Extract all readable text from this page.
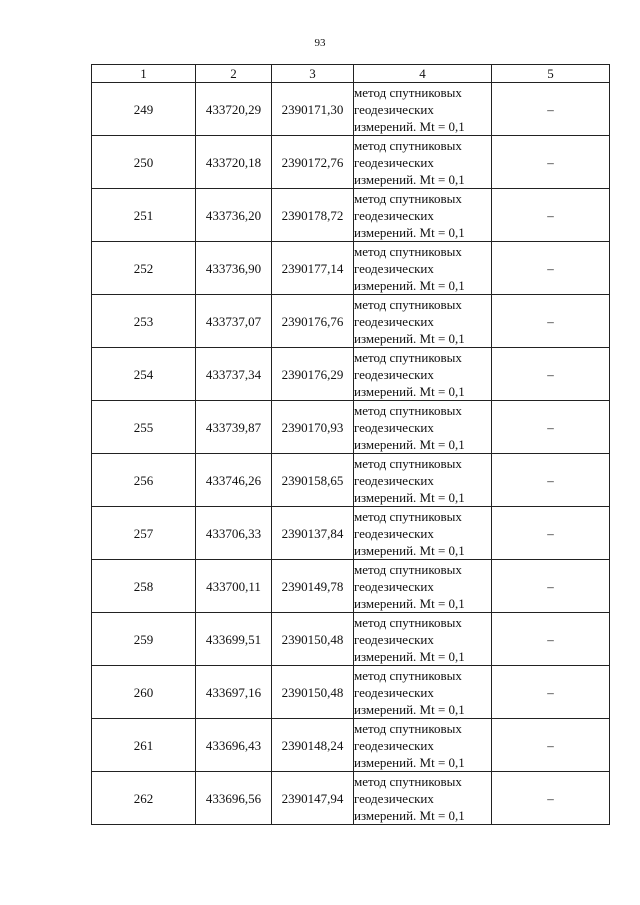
93
1	2	3	4	5
249	433720,29	2390171,30	метод спутниковых геодезических измерений. Mt = 0,1	–
250	433720,18	2390172,76	метод спутниковых геодезических измерений. Mt = 0,1	–
251	433736,20	2390178,72	метод спутниковых геодезических измерений. Mt = 0,1	–
252	433736,90	2390177,14	метод спутниковых геодезических измерений. Mt = 0,1	–
253	433737,07	2390176,76	метод спутниковых геодезических измерений. Mt = 0,1	–
254	433737,34	2390176,29	метод спутниковых геодезических измерений. Mt = 0,1	–
255	433739,87	2390170,93	метод спутниковых геодезических измерений. Mt = 0,1	–
256	433746,26	2390158,65	метод спутниковых геодезических измерений. Mt = 0,1	–
257	433706,33	2390137,84	метод спутниковых геодезических измерений. Mt = 0,1	–
258	433700,11	2390149,78	метод спутниковых геодезических измерений. Mt = 0,1	–
259	433699,51	2390150,48	метод спутниковых геодезических измерений. Mt = 0,1	–
260	433697,16	2390150,48	метод спутниковых геодезических измерений. Mt = 0,1	–
261	433696,43	2390148,24	метод спутниковых геодезических измерений. Mt = 0,1	–
262	433696,56	2390147,94	метод спутниковых геодезических измерений. Mt = 0,1	–
